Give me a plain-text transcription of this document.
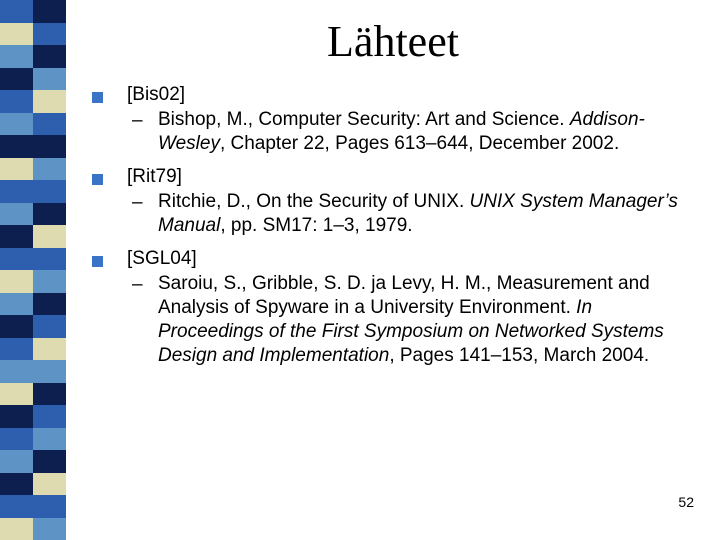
Lähteet
[Bis02]
– Bishop, M., Computer Security: Art and Science. Addison-Wesley, Chapter 22, Pages 613–644, December 2002.
[Rit79]
– Ritchie, D., On the Security of UNIX. UNIX System Manager’s Manual, pp. SM17: 1–3, 1979.
[SGL04]
– Saroiu, S., Gribble, S. D. ja Levy, H. M., Measurement and Analysis of Spyware in a University Environment. In Proceedings of the First Symposium on Networked Systems Design and Implementation, Pages 141–153, March 2004.
52
